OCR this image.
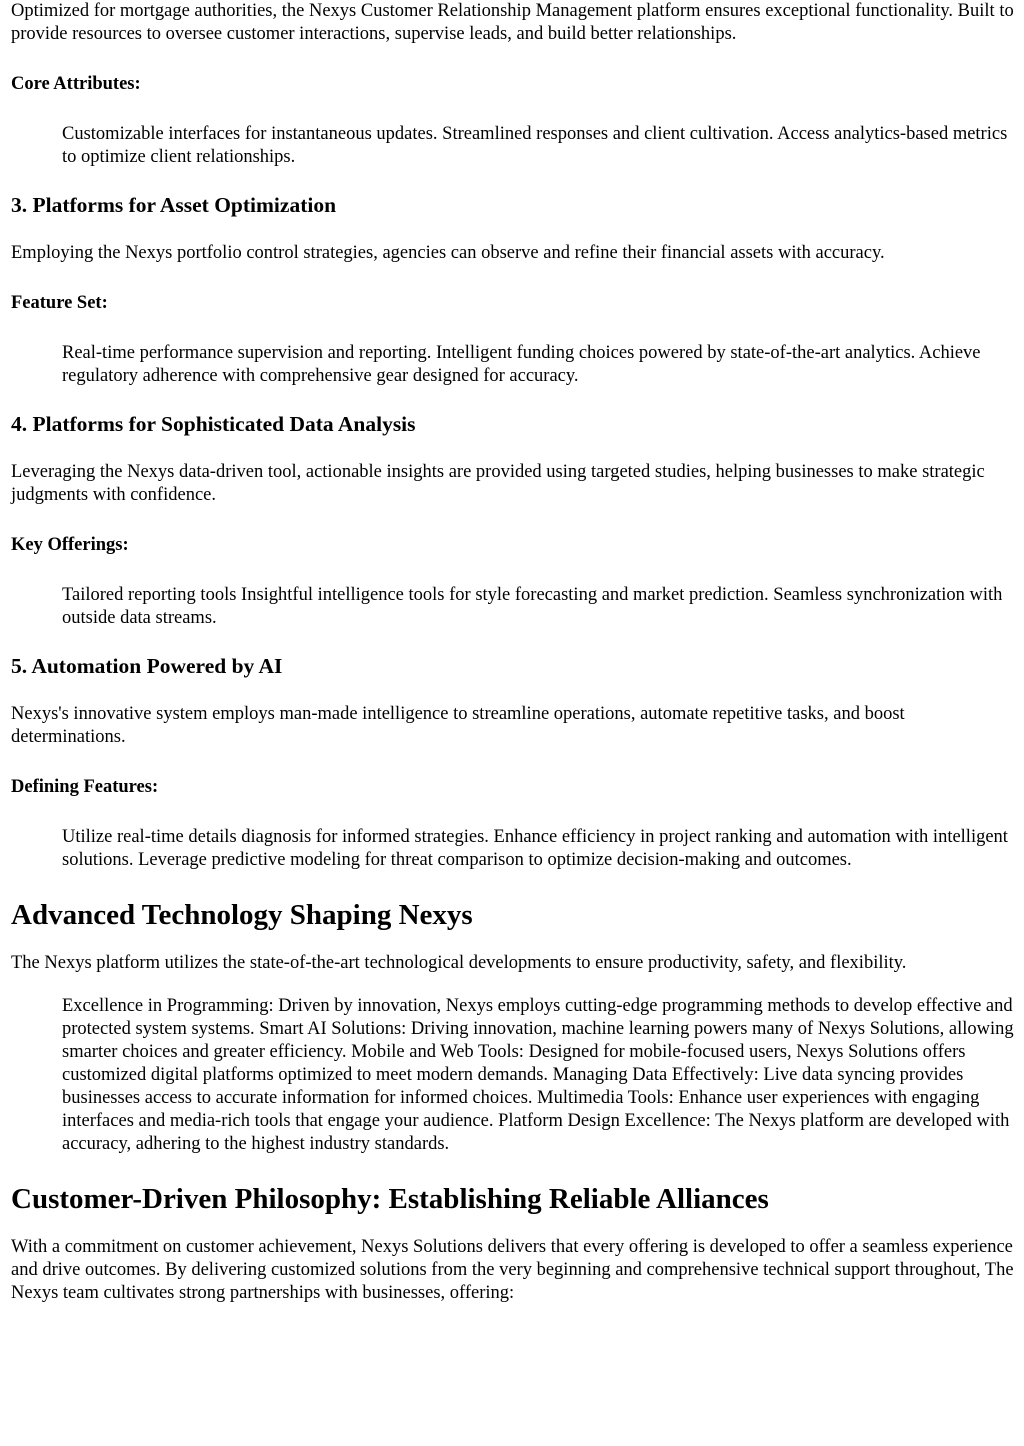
Optimized for mortgage authorities, the Nexys Customer Relationship Management platform ensures exceptional functionality. Built to provide resources to oversee customer interactions, supervise leads, and build better relationships.

Core Attributes:

Customizable interfaces for instantaneous updates. Streamlined responses and client cultivation. Access analytics-based metrics to optimize client relationships.
3. Platforms for Asset Optimization

Employing the Nexys portfolio control strategies, agencies can observe and refine their financial assets with accuracy.

Feature Set:

Real-time performance supervision and reporting. Intelligent funding choices powered by state-of-the-art analytics. Achieve regulatory adherence with comprehensive gear designed for accuracy.
4. Platforms for Sophisticated Data Analysis

Leveraging the Nexys data-driven tool, actionable insights are provided using targeted studies, helping businesses to make strategic judgments with confidence.

Key Offerings:

Tailored reporting tools Insightful intelligence tools for style forecasting and market prediction. Seamless synchronization with outside data streams.
5. Automation Powered by AI

Nexys's innovative system employs man-made intelligence to streamline operations, automate repetitive tasks, and boost determinations.

Defining Features:

Utilize real-time details diagnosis for informed strategies. Enhance efficiency in project ranking and automation with intelligent solutions. Leverage predictive modeling for threat comparison to optimize decision-making and outcomes.
Advanced Technology Shaping Nexys

The Nexys platform utilizes the state-of-the-art technological developments to ensure productivity, safety, and flexibility.

Excellence in Programming: Driven by innovation, Nexys employs cutting-edge programming methods to develop effective and protected system systems. Smart AI Solutions: Driving innovation, machine learning powers many of Nexys Solutions, allowing smarter choices and greater efficiency. Mobile and Web Tools: Designed for mobile-focused users, Nexys Solutions offers customized digital platforms optimized to meet modern demands. Managing Data Effectively: Live data syncing provides businesses access to accurate information for informed choices. Multimedia Tools: Enhance user experiences with engaging interfaces and media-rich tools that engage your audience. Platform Design Excellence: The Nexys platform are developed with accuracy, adhering to the highest industry standards.
Customer-Driven Philosophy: Establishing Reliable Alliances

With a commitment on customer achievement, Nexys Solutions delivers that every offering is developed to offer a seamless experience and drive outcomes. By delivering customized solutions from the very beginning and comprehensive technical support throughout, The Nexys team cultivates strong partnerships with businesses, offering:
